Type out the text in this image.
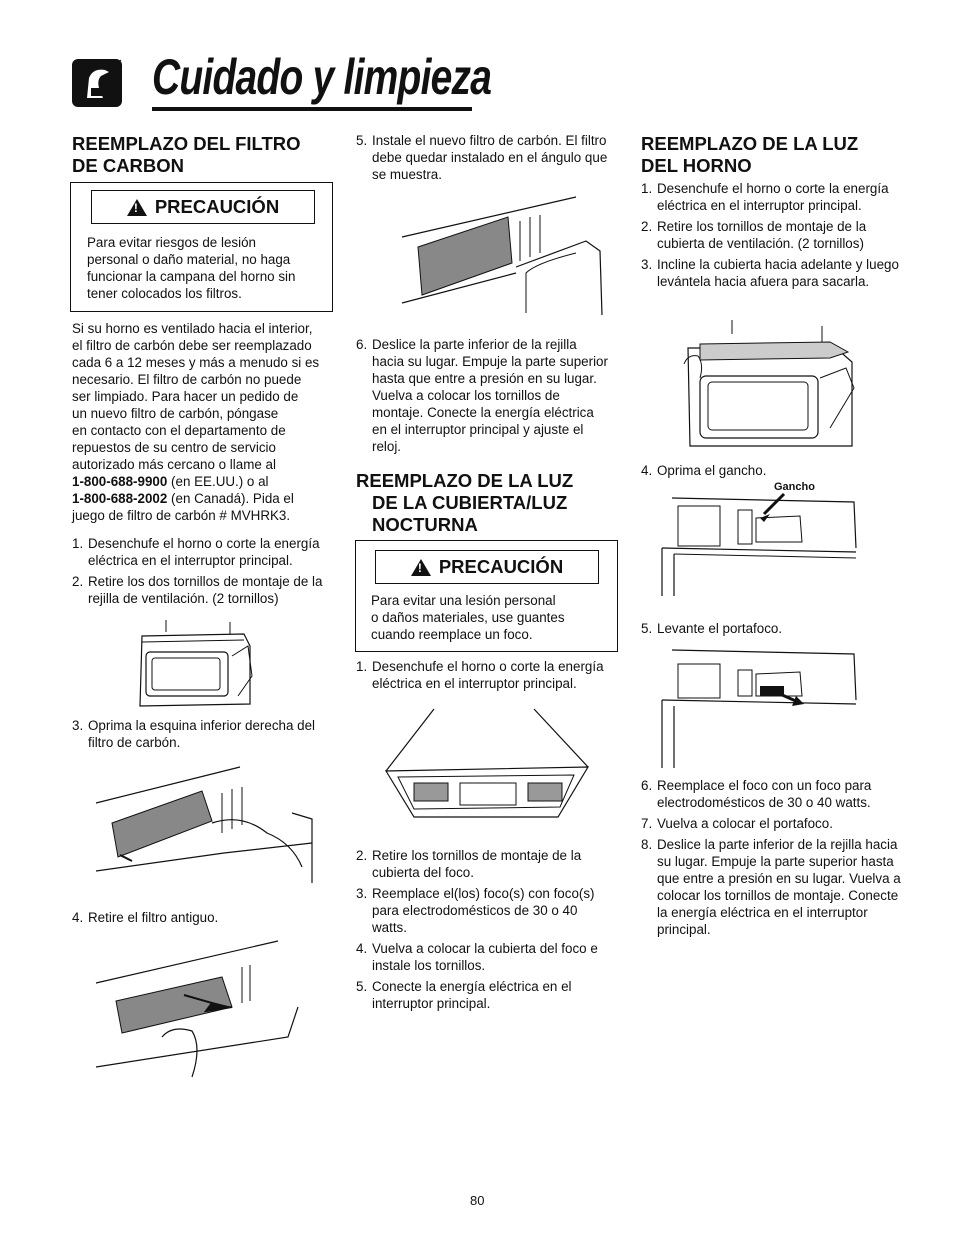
Cuidado y limpieza

REEMPLAZO DEL FILTRO
DE CARBON

!
PRECAUCIÓN
Para evitar riesgos de lesión
personal o daño material, no haga
funcionar la campana del horno sin
tener colocados los filtros.
Si su horno es ventilado hacia el interior,
el filtro de carbón debe ser reemplazado
cada 6 a 12 meses y más a menudo si es
necesario. El filtro de carbón no puede
ser limpiado. Para hacer un pedido de
un nuevo filtro de carbón, póngase
en contacto con el departamento de
repuestos de su centro de servicio
autorizado más cercano o llame al
1-800-688-9900 (en EE.UU.) o al
1-800-688-2002 (en Canadá). Pida el
juego de filtro de carbón # MVHRK3.
1. Desenchufe el horno o corte la energía eléctrica en el interruptor principal.
2. Retire los dos tornillos de montaje de la rejilla de ventilación. (2 tornillos)
3. Oprima la esquina inferior derecha del filtro de carbón.
4. Retire el filtro antiguo.
5. Instale el nuevo filtro de carbón. El filtro debe quedar instalado en el ángulo que se muestra.
6. Deslice la parte inferior de la rejilla hacia su lugar. Empuje la parte superior hasta que entre a presión en su lugar. Vuelva a colocar los tornillos de montaje. Conecte la energía eléctrica en el interruptor principal y ajuste el reloj.

REEMPLAZO DE LA LUZ
DE LA CUBIERTA/LUZ
NOCTURNA

!
PRECAUCIÓN
Para evitar una lesión personal
o daños materiales, use guantes
cuando reemplace un foco.
1. Desenchufe el horno o corte la energía eléctrica en el interruptor principal.
2. Retire los tornillos de montaje de la cubierta del foco.
3. Reemplace el(los) foco(s) con foco(s) para electrodomésticos de 30 o 40 watts.
4. Vuelva a colocar la cubierta del foco e instale los tornillos.
5. Conecte la energía eléctrica en el interruptor principal.

REEMPLAZO DE LA LUZ
DEL HORNO

1. Desenchufe el horno o corte la energía eléctrica en el interruptor principal.
2. Retire los tornillos de montaje de la cubierta de ventilación. (2 tornillos)
3. Incline la cubierta hacia adelante y luego levántela hacia afuera para sacarla.
4. Oprima el gancho.
Gancho
5. Levante el portafoco.
6. Reemplace el foco con un foco para electrodomésticos de 30 o 40 watts.
7. Vuelva a colocar el portafoco.
8. Deslice la parte inferior de la rejilla hacia su lugar. Empuje la parte superior hasta que entre a presión en su lugar. Vuelva a colocar los tornillos de montaje. Conecte la energía eléctrica en el interruptor principal.
80
